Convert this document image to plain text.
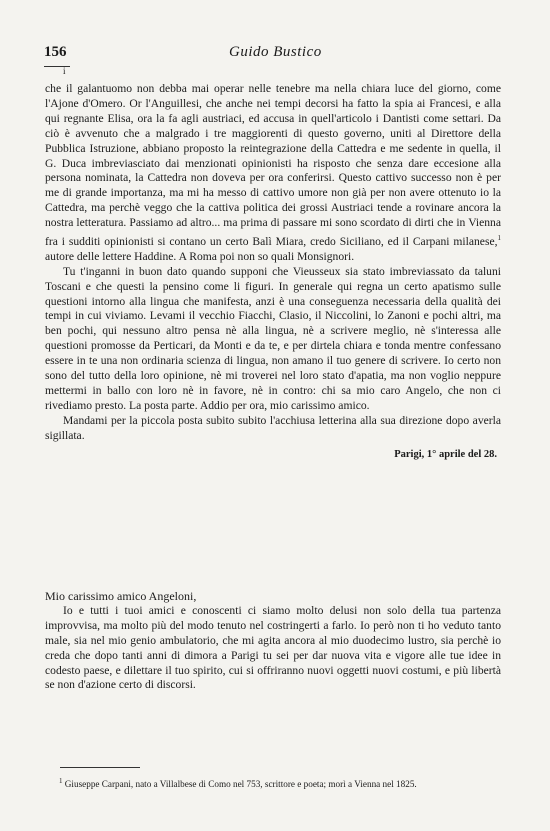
156	Guido Bustico
i

che il galantuomo non debba mai operar nelle tenebre ma nella chiara luce del giorno, come l'Ajone d'Omero. Or l'Anguillesi, che anche nei tempi decorsi ha fatto la spia ai Francesi, e alla qui regnante Elisa, ora la fa agli austriaci, ed accusa in quell'articolo i Dantisti come settari. Da ciò è avvenuto che a malgrado i tre maggiorenti di questo governo, uniti al Direttore della Pubblica Istruzione, abbiano proposto la reintegrazione della Cattedra e me sedente in quella, il G. Duca imbreviasciato dai menzionati opinionisti ha risposto che senza dare eccesione alla persona nominata, la Cattedra non doveva per ora conferirsi. Questo cattivo successo non è per me di grande importanza, ma mi ha messo di cattivo umore non già per non avere ottenuto io la Cattedra, ma perchè veggo che la cattiva politica dei grossi Austriaci tende a rovinare ancora la nostra letteratura. Passiamo ad altro... ma prima di passare mi sono scordato di dirti che in Vienna fra i sudditi opinionisti si contano un certo Balì Miara, credo Siciliano, ed il Carpani milanese,$^1$ autore delle lettere Haddine. A Roma poi non so quali Monsignori.

Tu t'inganni in buon dato quando supponi che Vieusseux sia stato imbreviassato da taluni Toscani e che questi la pensino come li figuri. In generale qui regna un certo apatismo sulle questioni intorno alla lingua che manifesta, anzi è una conseguenza necessaria della qualità dei tempi in cui viviamo. Levami il vecchio Fiacchi, Clasio, il Niccolini, lo Zanoni e pochi altri, ma ben pochi, qui nessuno altro pensa nè alla lingua, nè a scrivere meglio, nè s'interessa alle questioni promosse da Perticari, da Monti e da te, e per dirtela chiara e tonda mentre confessano essere in te una non ordinaria scienza di lingua, non amano il tuo genere di scrivere. Io certo non sono del tutto della loro opinione, nè mi troverei nel loro stato d'apatia, ma non voglio neppure mettermi in ballo con loro nè in favore, nè in contro: chi sa mio caro Angelo, che non ci rivediamo presto. La posta parte. Addio per ora, mio carissimo amico.

Mandami per la piccola posta subito subito l'acchiusa letterina alla sua direzione dopo averla sigillata.

Parigi, 1° aprile del 28.

Mio carissimo amico Angeloni,

Io e tutti i tuoi amici e conoscenti ci siamo molto delusi non solo della tua partenza improvvisa, ma molto più del modo tenuto nel costringerti a farlo. Io però non ti ho veduto tanto male, sia nel mio genio ambulatorio, che mi agita ancora al mio duodecimo lustro, sia perchè io creda che dopo tanti anni di dimora a Parigi tu sei per dar nuova vita e vigore alle tue idee in codesto paese, e dilettare il tuo spirito, cui si offriranno nuovi oggetti nuovi costumi, e più libertà se non d'azione certo di discorsi.

$^1$ Giuseppe Carpani, nato a Villalbese di Como nel 753, scrittore e poeta; morì a Vienna nel 1825.
